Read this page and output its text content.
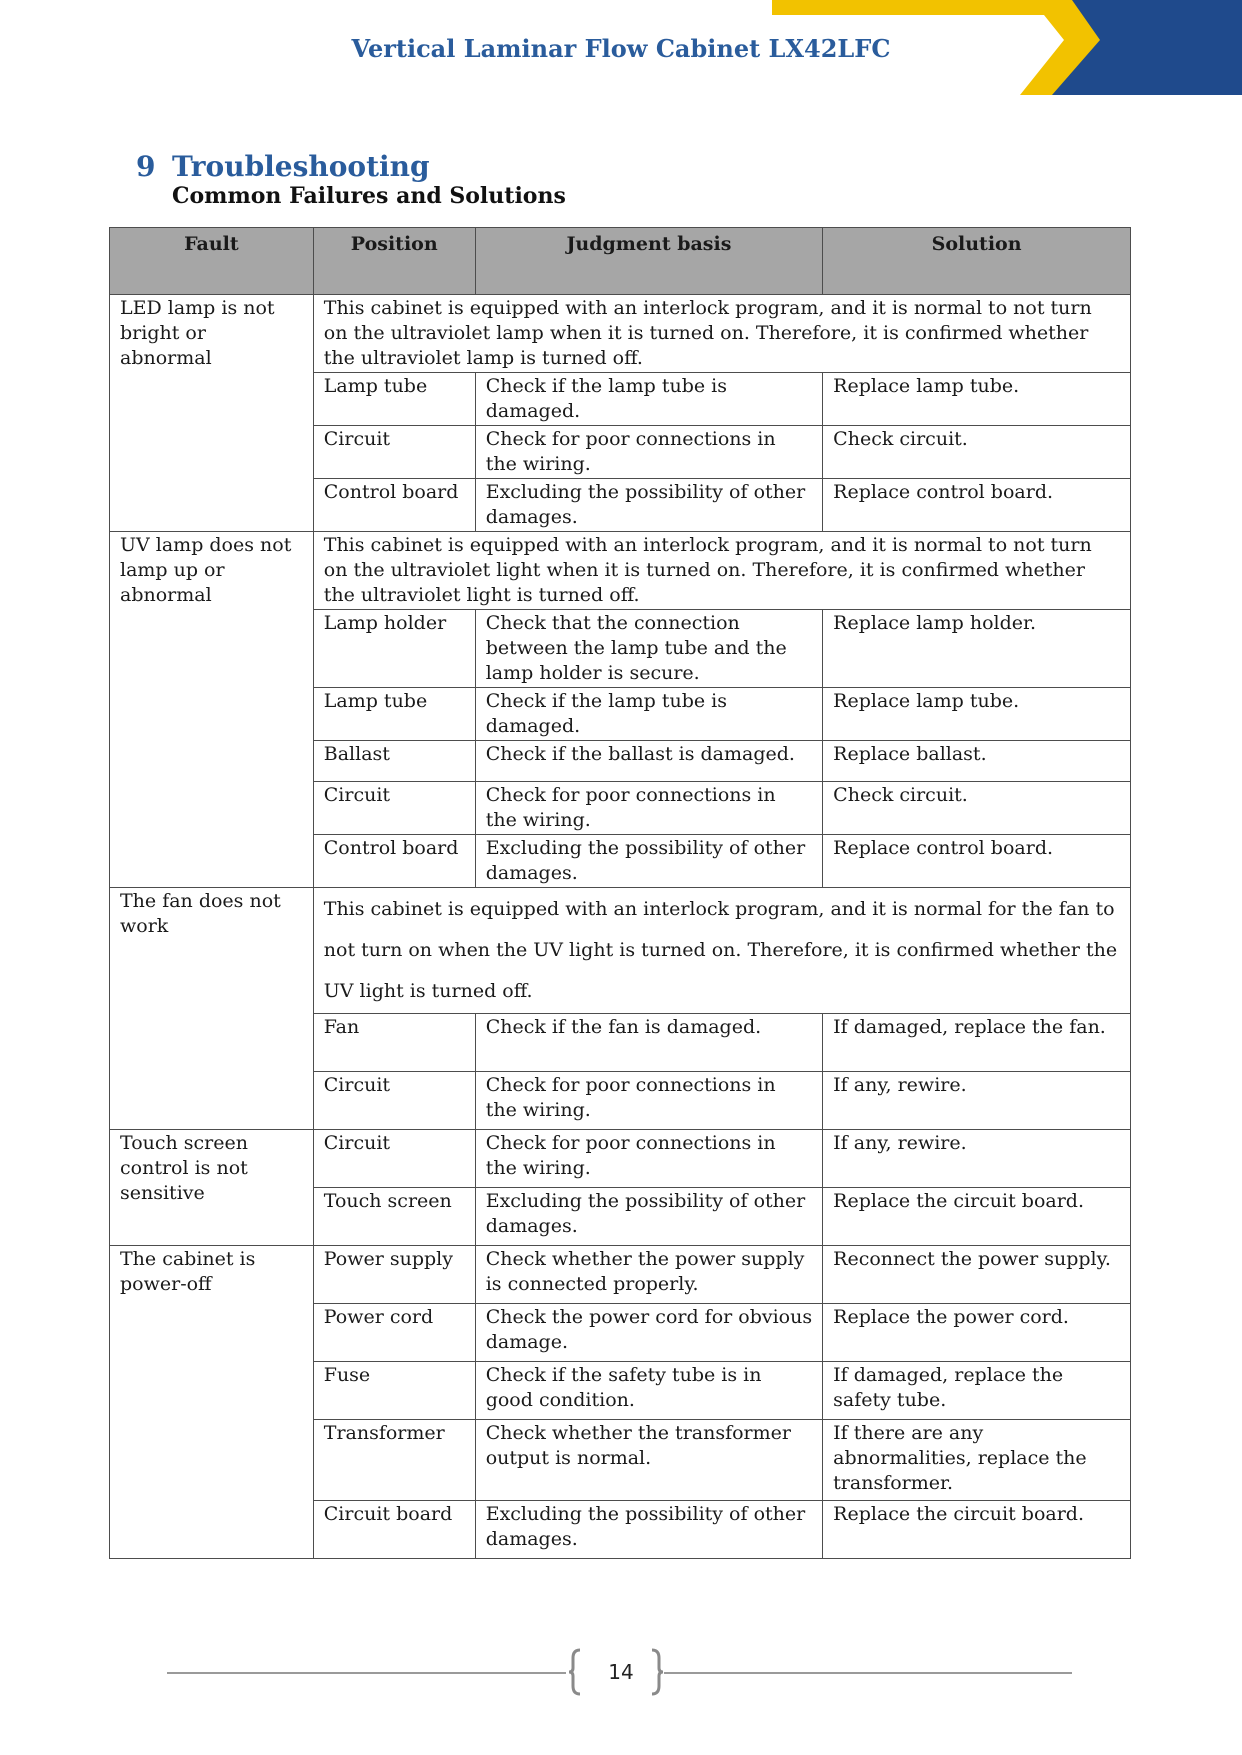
Vertical Laminar Flow Cabinet LX42LFC
9 Troubleshooting
Common Failures and Solutions
Fault	Position	Judgment basis	Solution
LED lamp is not bright or abnormal	This cabinet is equipped with an interlock program, and it is normal to not turn on the ultraviolet lamp when it is turned on. Therefore, it is confirmed whether the ultraviolet lamp is turned off.		
	Lamp tube	Check if the lamp tube is damaged.	Replace lamp tube.
	Circuit	Check for poor connections in the wiring.	Check circuit.
	Control board	Excluding the possibility of other damages.	Replace control board.
UV lamp does not lamp up or abnormal	This cabinet is equipped with an interlock program, and it is normal to not turn on the ultraviolet light when it is turned on. Therefore, it is confirmed whether the ultraviolet light is turned off.		
	Lamp holder	Check that the connection between the lamp tube and the lamp holder is secure.	Replace lamp holder.
	Lamp tube	Check if the lamp tube is damaged.	Replace lamp tube.
	Ballast	Check if the ballast is damaged.	Replace ballast.
	Circuit	Check for poor connections in the wiring.	Check circuit.
	Control board	Excluding the possibility of other damages.	Replace control board.
The fan does not work	This cabinet is equipped with an interlock program, and it is normal for the fan to not turn on when the UV light is turned on. Therefore, it is confirmed whether the UV light is turned off.		
	Fan	Check if the fan is damaged.	If damaged, replace the fan.
	Circuit	Check for poor connections in the wiring.	If any, rewire.
Touch screen control is not sensitive	Circuit	Check for poor connections in the wiring.	If any, rewire.
	Touch screen	Excluding the possibility of other damages.	Replace the circuit board.
The cabinet is power-off	Power supply	Check whether the power supply is connected properly.	Reconnect the power supply.
	Power cord	Check the power cord for obvious damage.	Replace the power cord.
	Fuse	Check if the safety tube is in good condition.	If damaged, replace the safety tube.
	Transformer	Check whether the transformer output is normal.	If there are any abnormalities, replace the transformer.
	Circuit board	Excluding the possibility of other damages.	Replace the circuit board.
14
